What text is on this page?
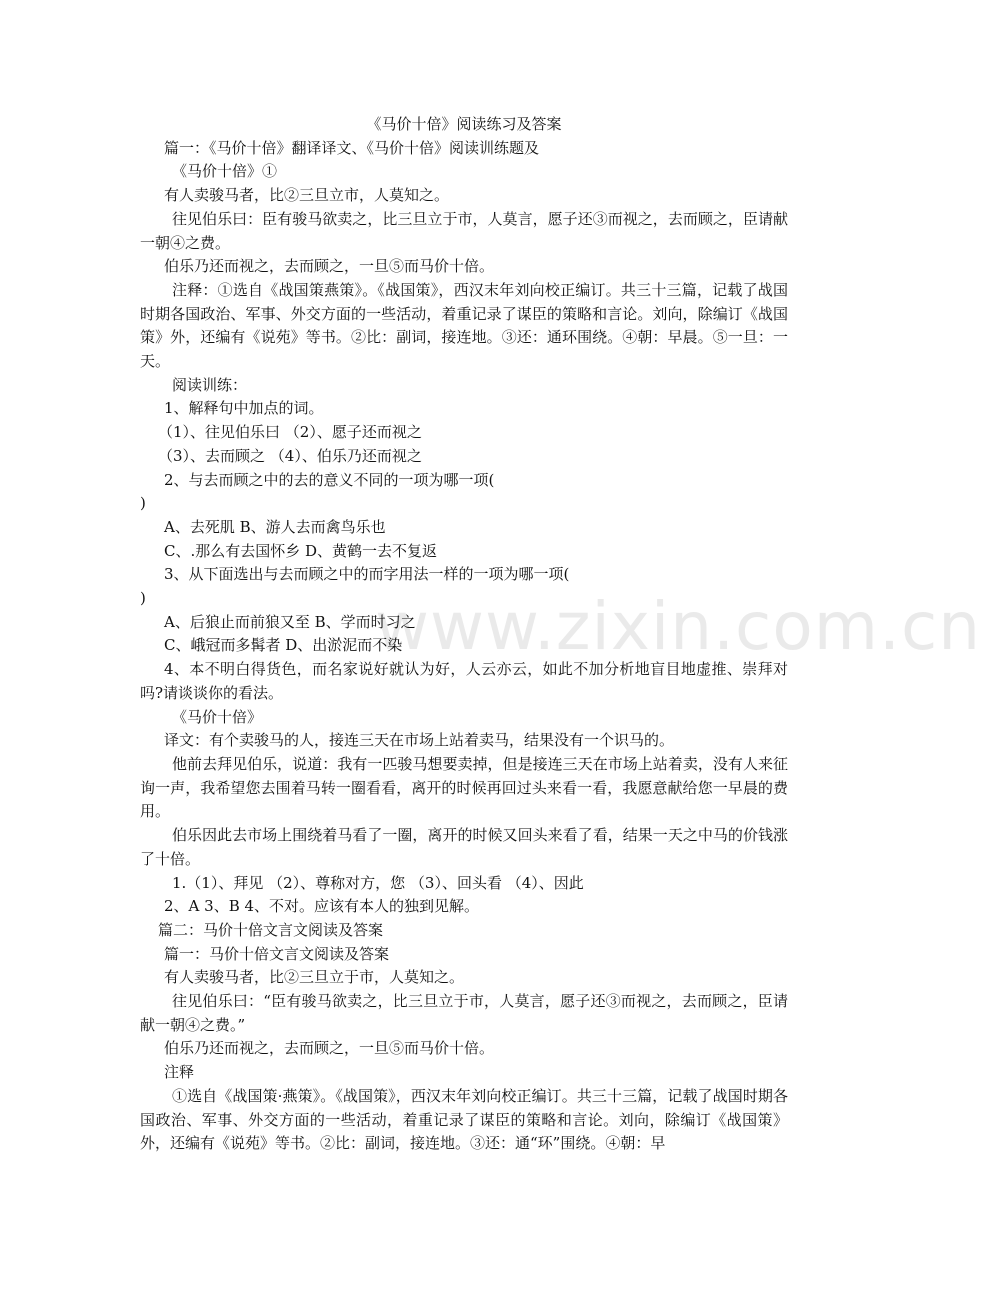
www.zixin.com.cn

《马价十倍》阅读练习及答案

篇一：《马价十倍》翻译译文、《马价十倍》阅读训练题及

《马价十倍》①

有人卖骏马者，比②三旦立市，人莫知之。

往见伯乐曰：臣有骏马欲卖之，比三旦立于市，人莫言，愿子还③而视之，去而顾之，臣请献一朝④之费。

伯乐乃还而视之，去而顾之，一旦⑤而马价十倍。

注释：①选自《战国策燕策》。《战国策》，西汉末年刘向校正编订。共三十三篇，记载了战国时期各国政治、军事、外交方面的一些活动，着重记录了谋臣的策略和言论。刘向，除编订《战国策》外，还编有《说苑》等书。②比：副词，接连地。③还：通环围绕。④朝：早晨。⑤一旦：一天。

阅读训练：

1、解释句中加点的词。

（1）、往见伯乐曰 （2）、愿子还而视之

（3）、去而顾之 （4）、伯乐乃还而视之

2、与去而顾之中的去的意义不同的一项为哪一项(

)

A、去死肌 B、游人去而禽鸟乐也

C、.那么有去国怀乡 D、黄鹤一去不复返

3、从下面选出与去而顾之中的而字用法一样的一项为哪一项(

)

A、后狼止而前狼又至 B、学而时习之

C、峨冠而多髯者 D、出淤泥而不染

4、本不明白得货色，而名家说好就认为好，人云亦云，如此不加分析地盲目地虚推、崇拜对吗?请谈谈你的看法。

《马价十倍》

译文：有个卖骏马的人，接连三天在市场上站着卖马，结果没有一个识马的。

他前去拜见伯乐，说道：我有一匹骏马想要卖掉，但是接连三天在市场上站着卖，没有人来征询一声，我希望您去围着马转一圈看看，离开的时候再回过头来看一看，我愿意献给您一早晨的费用。

伯乐因此去市场上围绕着马看了一圈，离开的时候又回头来看了看，结果一天之中马的价钱涨了十倍。

1.（1）、拜见 （2）、尊称对方，您 （3）、回头看 （4）、因此

2、A 3、B 4、不对。应该有本人的独到见解。

篇二：马价十倍文言文阅读及答案

篇一：马价十倍文言文阅读及答案

有人卖骏马者，比②三旦立于市，人莫知之。

往见伯乐曰：“臣有骏马欲卖之，比三旦立于市，人莫言，愿子还③而视之，去而顾之，臣请献一朝④之费。”

伯乐乃还而视之，去而顾之，一旦⑤而马价十倍。

注释

①选自《战国策·燕策》。《战国策》，西汉末年刘向校正编订。共三十三篇，记载了战国时期各国政治、军事、外交方面的一些活动，着重记录了谋臣的策略和言论。刘向，除编订《战国策》外，还编有《说苑》等书。②比：副词，接连地。③还：通“环”围绕。④朝：早
